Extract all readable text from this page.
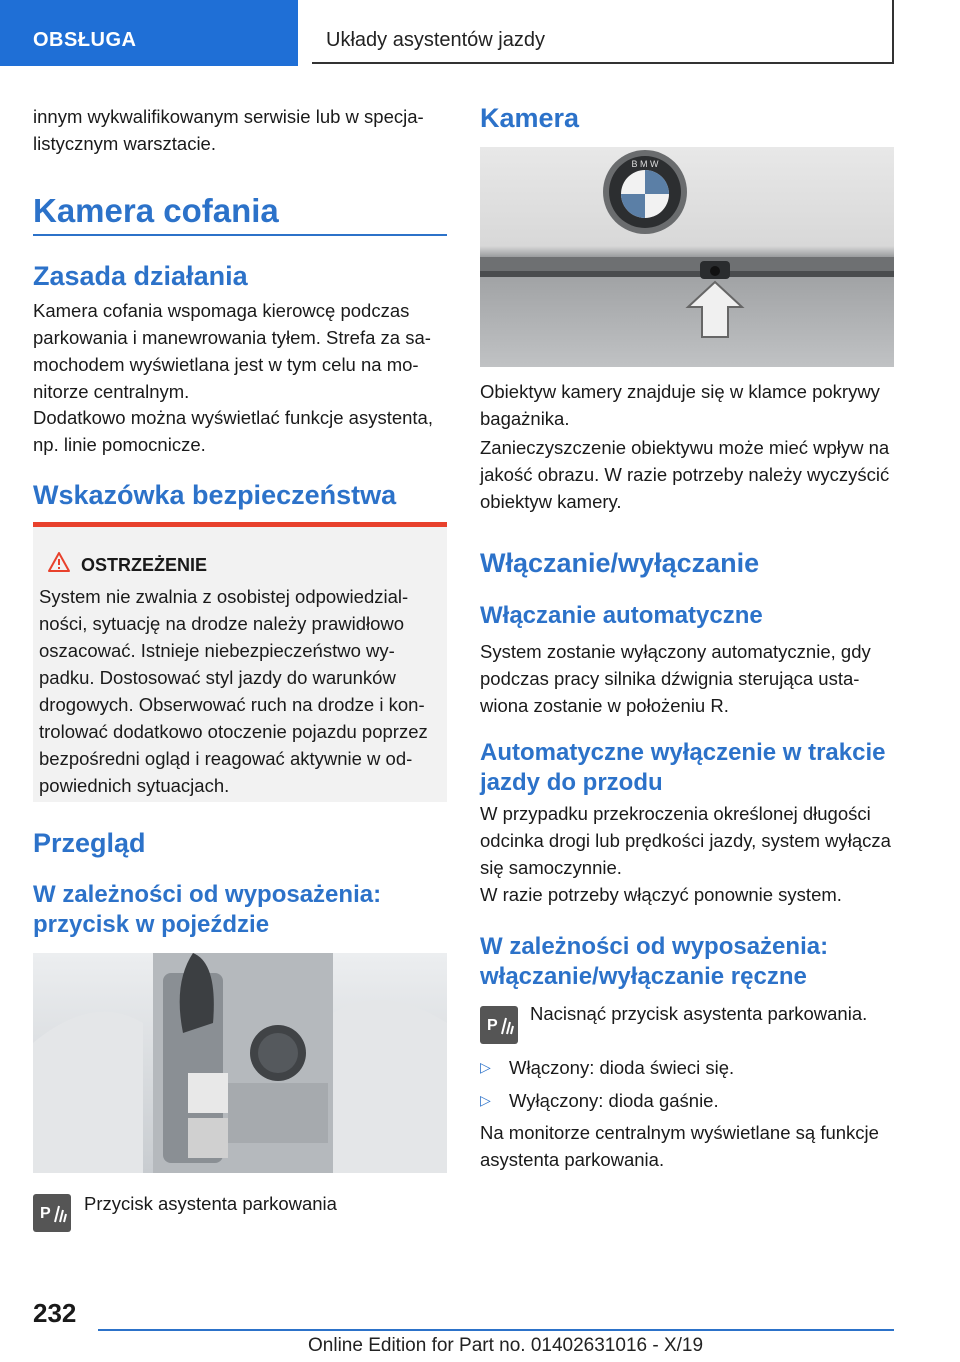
OBSŁUGA	Układy asystentów jazdy

innym wykwalifikowanym serwisie lub w specjalistycznym warsztacie.

Kamera cofania
Zasada działania

Kamera cofania wspomaga kierowcę podczas parkowania i manewrowania tyłem. Strefa za samochodem wyświetlana jest w tym celu na monitorze centralnym.

Dodatkowo można wyświetlać funkcje asystenta, np. linie pomocnicze.

Wskazówka bezpieczeństwa
OSTRZEŻENIE

System nie zwalnia z osobistej odpowiedzialności, sytuację na drodze należy prawidłowo oszacować. Istnieje niebezpieczeństwo wypadku. Dostosować styl jazdy do warunków drogowych. Obserwować ruch na drodze i kontrolować dodatkowo otoczenie pojazdu poprzez bezpośredni ogląd i reagować aktywnie w odpowiednich sytuacjach.

Przegląd
W zależności od wyposażenia: przycisk w pojeździe
P Przycisk asystenta parkowania

Kamera
B M W

Obiektyw kamery znajduje się w klamce pokrywy bagażnika.

Zanieczyszczenie obiektywu może mieć wpływ na jakość obrazu. W razie potrzeby należy wyczyścić obiektyw kamery.

Włączanie/wyłączanie
Włączanie automatyczne

System zostanie wyłączony automatycznie, gdy podczas pracy silnika dźwignia sterująca ustawiona zostanie w położeniu R.

Automatyczne wyłączenie w trakcie jazdy do przodu

W przypadku przekroczenia określonej długości odcinka drogi lub prędkości jazdy, system wyłącza się samoczynnie.

W razie potrzeby włączyć ponownie system.

W zależności od wyposażenia: włączanie/wyłączanie ręczne
P

Nacisnąć przycisk asystenta parkowania.

▷ Włączony: dioda świeci się.

▷ Wyłączony: dioda gaśnie.

Na monitorze centralnym wyświetlane są funkcje asystenta parkowania.

232
Online Edition for Part no. 01402631016 - X/19
